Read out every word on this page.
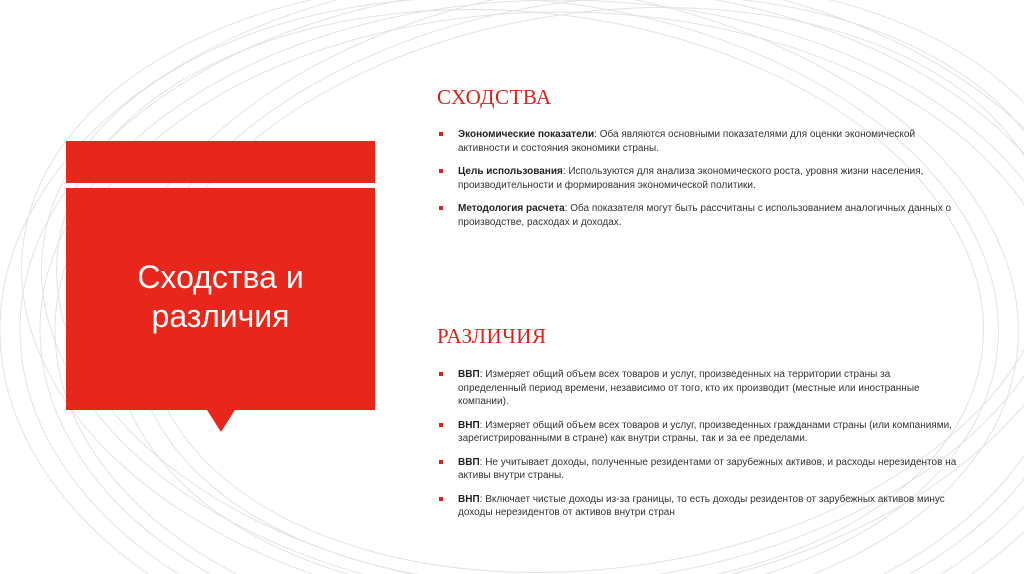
Сходства и
различия
СХОДСТВА
Экономические показатели: Оба являются основными показателями для оценки экономической активности и состояния экономики страны.
Цель использования: Используются для анализа экономического роста, уровня жизни населения, производительности и формирования экономической политики.
Методология расчета: Оба показателя могут быть рассчитаны с использованием аналогичных данных о производстве, расходах и доходах.
РАЗЛИЧИЯ
ВВП: Измеряет общий объем всех товаров и услуг, произведенных на территории страны за определенный период времени, независимо от того, кто их производит (местные или иностранные компании).
ВНП: Измеряет общий объем всех товаров и услуг, произведенных гражданами страны (или компаниями, зарегистрированными в стране) как внутри страны, так и за ее пределами.
ВВП: Не учитывает доходы, полученные резидентами от зарубежных активов, и расходы нерезидентов на активы внутри страны.
ВНП: Включает чистые доходы из-за границы, то есть доходы резидентов от зарубежных активов минус доходы нерезидентов от активов внутри стран
